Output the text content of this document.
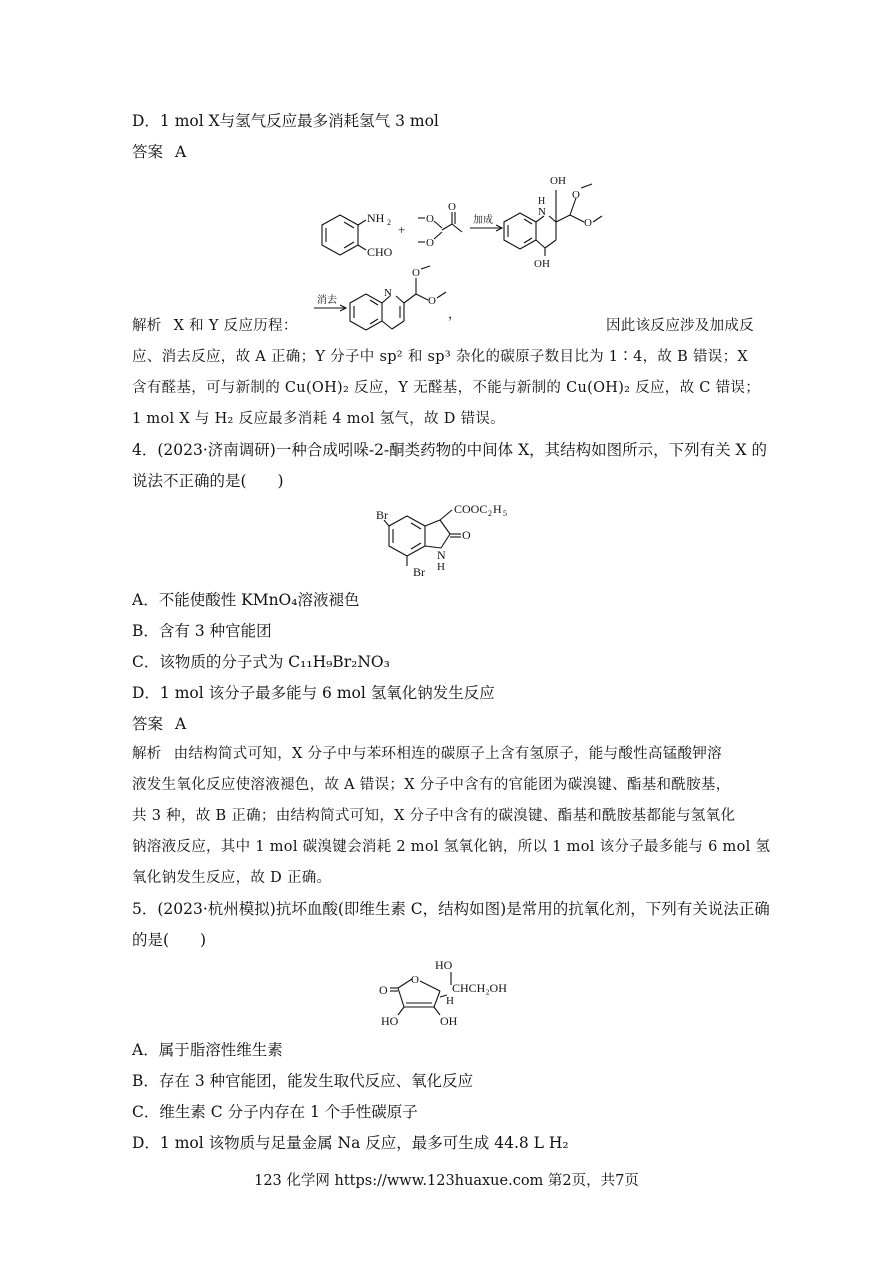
D．1 mol X与氢气反应最多消耗氢气 3 mol
答案 A
NH 2
CHO
+
O
O
O
加成
N
H
OH
OH
O
O
消去
N
O
O
，
解析 X 和 Y 反应历程：	因此该反应涉及加成反
应、消去反应，故 A 正确；Y 分子中 sp² 和 sp³ 杂化的碳原子数目比为 1∶4，故 B 错误；X
含有醛基，可与新制的 Cu(OH)₂ 反应，Y 无醛基，不能与新制的 Cu(OH)₂ 反应，故 C 错误；
1 mol X 与 H₂ 反应最多消耗 4 mol 氢气，故 D 错误。
4．(2023·济南调研)一种合成吲哚-2-酮类药物的中间体 X，其结构如图所示，下列有关 X 的
说法不正确的是(　　)
Br
Br
COOC 2 H 5
O
N
H
A．不能使酸性 KMnO₄溶液褪色
B．含有 3 种官能团
C．该物质的分子式为 C₁₁H₉Br₂NO₃
D．1 mol 该分子最多能与 6 mol 氢氧化钠发生反应
答案 A
解析 由结构简式可知，X 分子中与苯环相连的碳原子上含有氢原子，能与酸性高锰酸钾溶
液发生氧化反应使溶液褪色，故 A 错误；X 分子中含有的官能团为碳溴键、酯基和酰胺基，
共 3 种，故 B 正确；由结构简式可知，X 分子中含有的碳溴键、酯基和酰胺基都能与氢氧化
钠溶液反应，其中 1 mol 碳溴键会消耗 2 mol 氢氧化钠，所以 1 mol 该分子最多能与 6 mol 氢
氧化钠发生反应，故 D 正确。
5．(2023·杭州模拟)抗坏血酸(即维生素 C，结构如图)是常用的抗氧化剂，下列有关说法正确
的是(　　)
HO
CHCH₂OH
H
O
O
HO	OH
A．属于脂溶性维生素
B．存在 3 种官能团，能发生取代反应、氧化反应
C．维生素 C 分子内存在 1 个手性碳原子
D．1 mol 该物质与足量金属 Na 反应，最多可生成 44.8 L H₂
123 化学网 https://www.123huaxue.com 第2页，共7页
